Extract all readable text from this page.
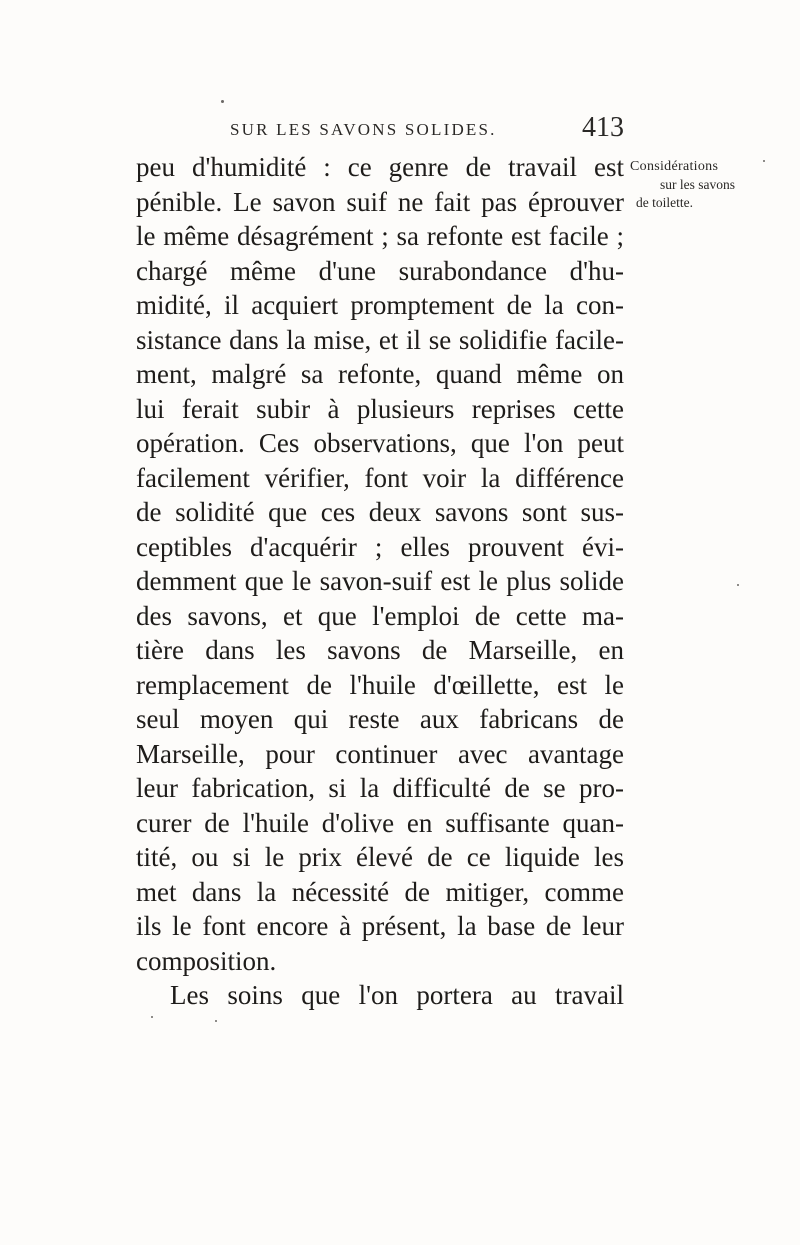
SUR LES SAVONS SOLIDES.	413
Considérations
sur les savons
de toilette.
peu d'humidité : ce genre de travail est
pénible. Le savon suif ne fait pas éprouver
le même désagrément ; sa refonte est facile ;
chargé même d'une surabondance d'hu-
midité, il acquiert promptement de la con-
sistance dans la mise, et il se solidifie facile-
ment, malgré sa refonte, quand même on
lui ferait subir à plusieurs reprises cette
opération. Ces observations, que l'on peut
facilement vérifier, font voir la différence
de solidité que ces deux savons sont sus-
ceptibles d'acquérir ; elles prouvent évi-
demment que le savon-suif est le plus solide
des savons, et que l'emploi de cette ma-
tière dans les savons de Marseille, en
remplacement de l'huile d'œillette, est le
seul moyen qui reste aux fabricans de
Marseille, pour continuer avec avantage
leur fabrication, si la difficulté de se pro-
curer de l'huile d'olive en suffisante quan-
tité, ou si le prix élevé de ce liquide les
met dans la nécessité de mitiger, comme
ils le font encore à présent, la base de leur
composition.
Les soins que l'on portera au travail
